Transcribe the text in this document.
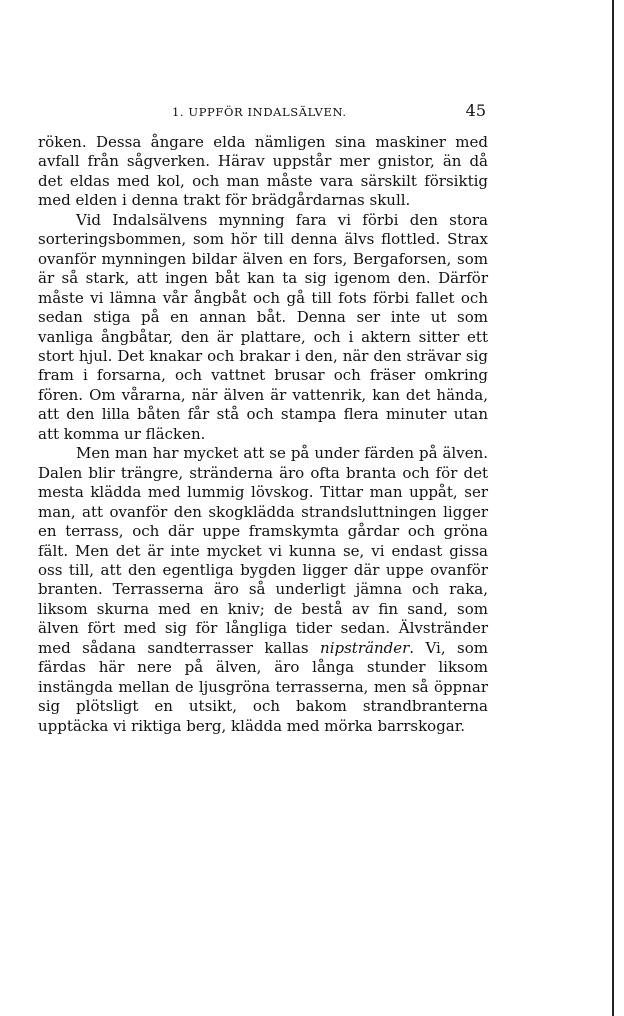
1. UPPFÖR INDALSÄLVEN.	45

röken. Dessa ångare elda nämligen sina maskiner med avfall från sågverken. Härav uppstår mer gnistor, än då det eldas med kol, och man måste vara särskilt försiktig med elden i denna trakt för brädgårdarnas skull.

Vid Indalsälvens mynning fara vi förbi den stora sorteringsbommen, som hör till denna älvs flottled. Strax ovanför mynningen bildar älven en fors, Bergaforsen, som är så stark, att ingen båt kan ta sig igenom den. Därför måste vi lämna vår ångbåt och gå till fots förbi fallet och sedan stiga på en annan båt. Denna ser inte ut som vanliga ångbåtar, den är plattare, och i aktern sitter ett stort hjul. Det knakar och brakar i den, när den strävar sig fram i forsarna, och vattnet brusar och fräser omkring fören. Om vårarna, när älven är vattenrik, kan det hända, att den lilla båten får stå och stampa flera minuter utan att komma ur fläcken.

Men man har mycket att se på under färden på älven. Dalen blir trängre, stränderna äro ofta branta och för det mesta klädda med lummig lövskog. Tittar man uppåt, ser man, att ovanför den skogklädda strandsluttningen ligger en terrass, och där uppe framskymta gårdar och gröna fält. Men det är inte mycket vi kunna se, vi endast gissa oss till, att den egentliga bygden ligger där uppe ovanför branten. Terrasserna äro så underligt jämna och raka, liksom skurna med en kniv; de bestå av fin sand, som älven fört med sig för långliga tider sedan. Älvstränder med sådana sandterrasser kallas nipstränder. Vi, som färdas här nere på älven, äro långa stunder liksom instängda mellan de ljusgröna terrasserna, men så öppnar sig plötsligt en utsikt, och bakom strandbranterna upptäcka vi riktiga berg, klädda med mörka barrskogar.
